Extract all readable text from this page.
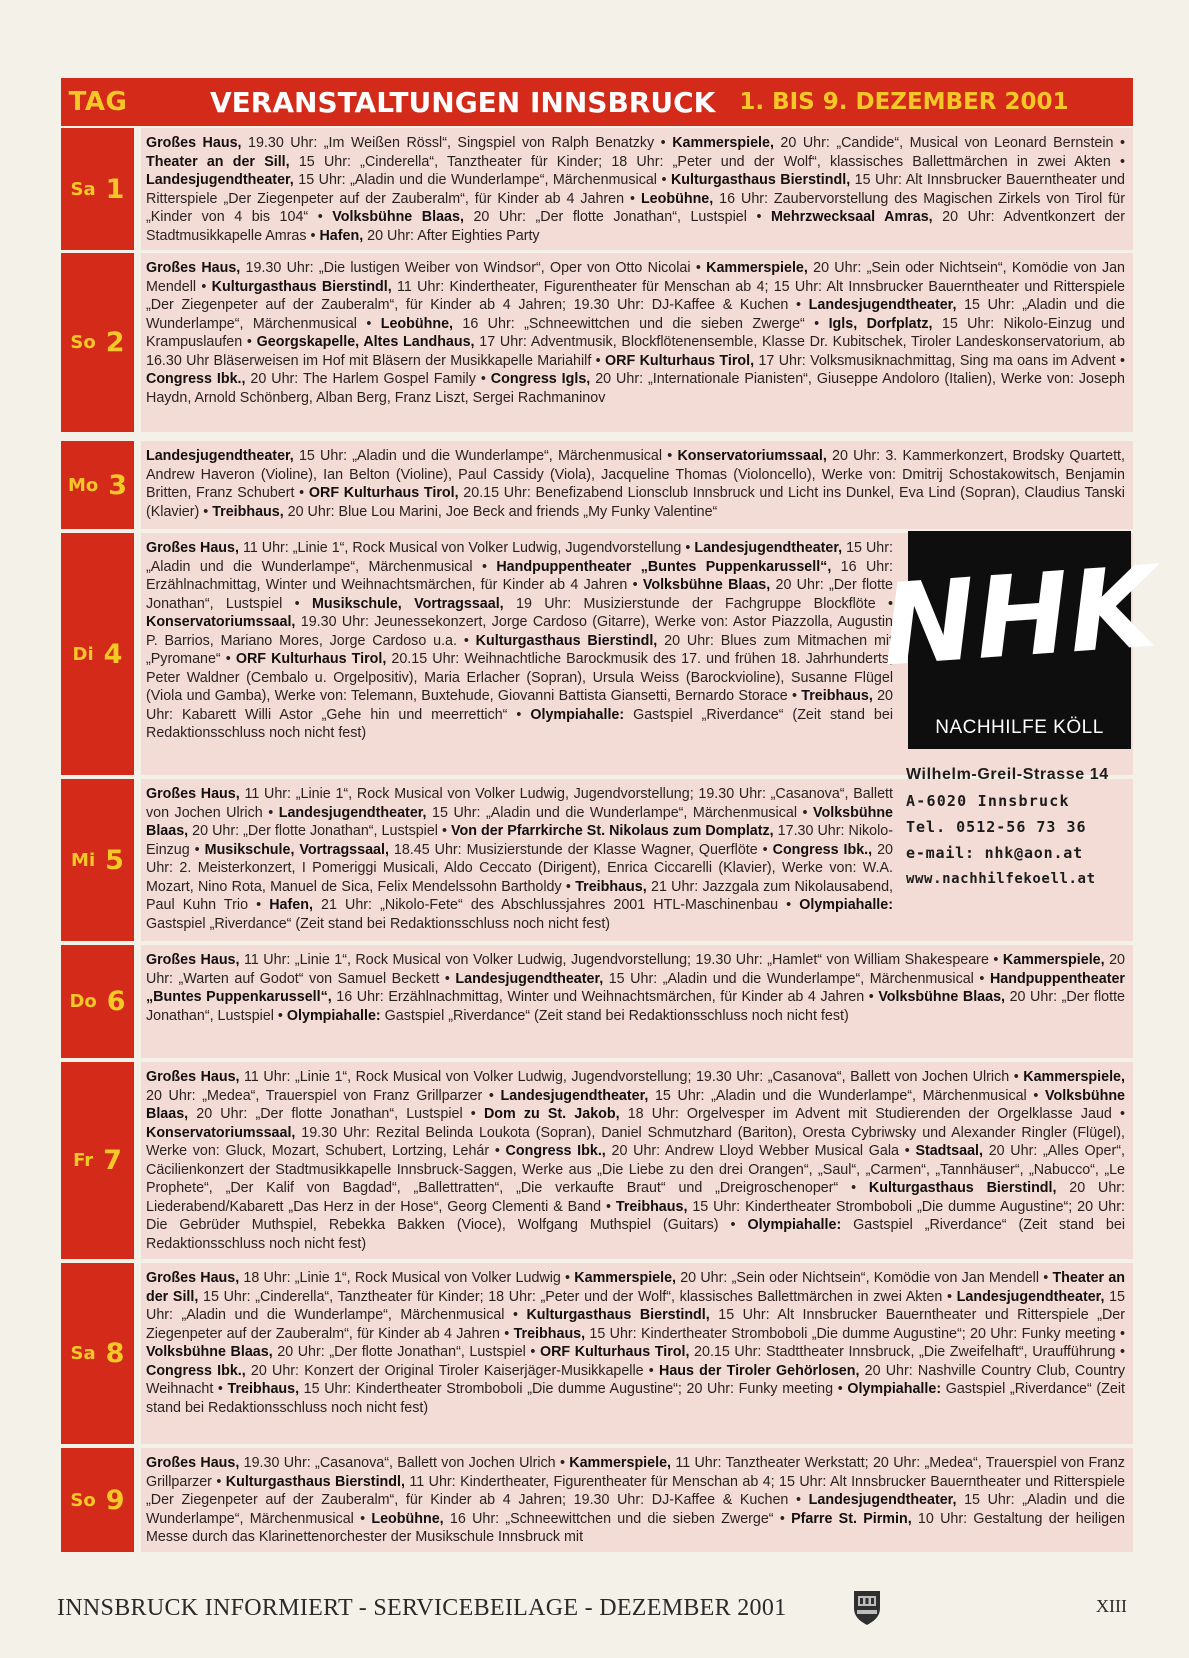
TAG	VERANSTALTUNGEN INNSBRUCK 1. BIS 9. DEZEMBER 2001
Sa 1
Großes Haus, 19.30 Uhr: „Im Weißen Rössl“, Singspiel von Ralph Benatzky • Kammerspiele, 20 Uhr: „Candide“, Musical von Leonard Bernstein • Theater an der Sill, 15 Uhr: „Cinderella“, Tanztheater für Kinder; 18 Uhr: „Peter und der Wolf“, klassisches Ballettmärchen in zwei Akten • Landesjugendtheater, 15 Uhr: „Aladin und die Wunderlampe“, Märchenmusical • Kulturgasthaus Bierstindl, 15 Uhr: Alt Innsbrucker Bauerntheater und Ritterspiele „Der Ziegenpeter auf der Zauberalm“, für Kinder ab 4 Jahren • Leobühne, 16 Uhr: Zaubervorstellung des Magischen Zirkels von Tirol für „Kinder von 4 bis 104“ • Volksbühne Blaas, 20 Uhr: „Der flotte Jonathan“, Lustspiel • Mehrzwecksaal Amras, 20 Uhr: Adventkonzert der Stadtmusikkapelle Amras • Hafen, 20 Uhr: After Eighties Party
So 2
Großes Haus, 19.30 Uhr: „Die lustigen Weiber von Windsor“, Oper von Otto Nicolai • Kammerspiele, 20 Uhr: „Sein oder Nichtsein“, Komödie von Jan Mendell • Kulturgasthaus Bierstindl, 11 Uhr: Kindertheater, Figurentheater für Menschan ab 4; 15 Uhr: Alt Innsbrucker Bauerntheater und Ritterspiele „Der Ziegenpeter auf der Zauberalm“, für Kinder ab 4 Jahren; 19.30 Uhr: DJ-Kaffee & Kuchen • Landesjugendtheater, 15 Uhr: „Aladin und die Wunderlampe“, Märchenmusical • Leobühne, 16 Uhr: „Schneewittchen und die sieben Zwerge“ • Igls, Dorfplatz, 15 Uhr: Nikolo-Einzug und Krampuslaufen • Georgskapelle, Altes Landhaus, 17 Uhr: Adventmusik, Blockflötenensemble, Klasse Dr. Kubitschek, Tiroler Landeskonservatorium, ab 16.30 Uhr Bläserweisen im Hof mit Bläsern der Musikkapelle Mariahilf • ORF Kulturhaus Tirol, 17 Uhr: Volksmusiknachmittag, Sing ma oans im Advent • Congress Ibk., 20 Uhr: The Harlem Gospel Family • Congress Igls, 20 Uhr: „Internationale Pianisten“, Giuseppe Andoloro (Italien), Werke von: Joseph Haydn, Arnold Schönberg, Alban Berg, Franz Liszt, Sergei Rachmaninov
Mo 3
Landesjugendtheater, 15 Uhr: „Aladin und die Wunderlampe“, Märchenmusical • Konservatoriumssaal, 20 Uhr: 3. Kammerkonzert, Brodsky Quartett, Andrew Haveron (Violine), Ian Belton (Violine), Paul Cassidy (Viola), Jacqueline Thomas (Violoncello), Werke von: Dmitrij Schostakowitsch, Benjamin Britten, Franz Schubert • ORF Kulturhaus Tirol, 20.15 Uhr: Benefizabend Lionsclub Innsbruck und Licht ins Dunkel, Eva Lind (Sopran), Claudius Tanski (Klavier) • Treibhaus, 20 Uhr: Blue Lou Marini, Joe Beck and friends „My Funky Valentine“
Di 4
Großes Haus, 11 Uhr: „Linie 1“, Rock Musical von Volker Ludwig, Jugendvorstellung • Landesjugendtheater, 15 Uhr: „Aladin und die Wunderlampe“, Märchenmusical • Handpuppentheater „Buntes Puppenkarussell“, 16 Uhr: Erzählnachmittag, Winter und Weihnachtsmärchen, für Kinder ab 4 Jahren • Volksbühne Blaas, 20 Uhr: „Der flotte Jonathan“, Lustspiel • Musikschule, Vortragssaal, 19 Uhr: Musizierstunde der Fachgruppe Blockflöte • Konservatoriumssaal, 19.30 Uhr: Jeunessekonzert, Jorge Cardoso (Gitarre), Werke von: Astor Piazzolla, Augustin P. Barrios, Mariano Mores, Jorge Cardoso u.a. • Kulturgasthaus Bierstindl, 20 Uhr: Blues zum Mitmachen mit „Pyromane“ • ORF Kulturhaus Tirol, 20.15 Uhr: Weihnachtliche Barockmusik des 17. und frühen 18. Jahrhunderts, Peter Waldner (Cembalo u. Orgelpositiv), Maria Erlacher (Sopran), Ursula Weiss (Barockvioline), Susanne Flügel (Viola und Gamba), Werke von: Telemann, Buxtehude, Giovanni Battista Giansetti, Bernardo Storace • Treibhaus, 20 Uhr: Kabarett Willi Astor „Gehe hin und meerrettich“ • Olympiahalle: Gastspiel „Riverdance“ (Zeit stand bei Redaktionsschluss noch nicht fest)
Mi 5
Großes Haus, 11 Uhr: „Linie 1“, Rock Musical von Volker Ludwig, Jugendvorstellung; 19.30 Uhr: „Casanova“, Ballett von Jochen Ulrich • Landesjugendtheater, 15 Uhr: „Aladin und die Wunderlampe“, Märchenmusical • Volksbühne Blaas, 20 Uhr: „Der flotte Jonathan“, Lustspiel • Von der Pfarrkirche St. Nikolaus zum Domplatz, 17.30 Uhr: Nikolo-Einzug • Musikschule, Vortragssaal, 18.45 Uhr: Musizierstunde der Klasse Wagner, Querflöte • Congress Ibk., 20 Uhr: 2. Meisterkonzert, I Pomeriggi Musicali, Aldo Ceccato (Dirigent), Enrica Ciccarelli (Klavier), Werke von: W.A. Mozart, Nino Rota, Manuel de Sica, Felix Mendelssohn Bartholdy • Treibhaus, 21 Uhr: Jazzgala zum Nikolausabend, Paul Kuhn Trio • Hafen, 21 Uhr: „Nikolo-Fete“ des Abschlussjahres 2001 HTL-Maschinenbau • Olympiahalle: Gastspiel „Riverdance“ (Zeit stand bei Redaktionsschluss noch nicht fest)
Do 6
Großes Haus, 11 Uhr: „Linie 1“, Rock Musical von Volker Ludwig, Jugendvorstellung; 19.30 Uhr: „Hamlet“ von William Shakespeare • Kammerspiele, 20 Uhr: „Warten auf Godot“ von Samuel Beckett • Landesjugendtheater, 15 Uhr: „Aladin und die Wunderlampe“, Märchenmusical • Handpuppentheater „Buntes Puppenkarussell“, 16 Uhr: Erzählnachmittag, Winter und Weihnachtsmärchen, für Kinder ab 4 Jahren • Volksbühne Blaas, 20 Uhr: „Der flotte Jonathan“, Lustspiel • Olympiahalle: Gastspiel „Riverdance“ (Zeit stand bei Redaktionsschluss noch nicht fest)
Fr 7
Großes Haus, 11 Uhr: „Linie 1“, Rock Musical von Volker Ludwig, Jugendvorstellung; 19.30 Uhr: „Casanova“, Ballett von Jochen Ulrich • Kammerspiele, 20 Uhr: „Medea“, Trauerspiel von Franz Grillparzer • Landesjugendtheater, 15 Uhr: „Aladin und die Wunderlampe“, Märchenmusical • Volksbühne Blaas, 20 Uhr: „Der flotte Jonathan“, Lustspiel • Dom zu St. Jakob, 18 Uhr: Orgelvesper im Advent mit Studierenden der Orgelklasse Jaud • Konservatoriumssaal, 19.30 Uhr: Rezital Belinda Loukota (Sopran), Daniel Schmutzhard (Bariton), Oresta Cybriwsky und Alexander Ringler (Flügel), Werke von: Gluck, Mozart, Schubert, Lortzing, Lehár • Congress Ibk., 20 Uhr: Andrew Lloyd Webber Musical Gala • Stadtsaal, 20 Uhr: „Alles Oper“, Cäcilienkonzert der Stadtmusikkapelle Innsbruck-Saggen, Werke aus „Die Liebe zu den drei Orangen“, „Saul“, „Carmen“, „Tannhäuser“, „Nabucco“, „Le Prophete“, „Der Kalif von Bagdad“, „Ballettratten“, „Die verkaufte Braut“ und „Dreigroschenoper“ • Kulturgasthaus Bierstindl, 20 Uhr: Liederabend/Kabarett „Das Herz in der Hose“, Georg Clementi & Band • Treibhaus, 15 Uhr: Kindertheater Stromboboli „Die dumme Augustine“; 20 Uhr: Die Gebrüder Muthspiel, Rebekka Bakken (Vioce), Wolfgang Muthspiel (Guitars) • Olympiahalle: Gastspiel „Riverdance“ (Zeit stand bei Redaktionsschluss noch nicht fest)
Sa 8
Großes Haus, 18 Uhr: „Linie 1“, Rock Musical von Volker Ludwig • Kammerspiele, 20 Uhr: „Sein oder Nichtsein“, Komödie von Jan Mendell • Theater an der Sill, 15 Uhr: „Cinderella“, Tanztheater für Kinder; 18 Uhr: „Peter und der Wolf“, klassisches Ballettmärchen in zwei Akten • Landesjugendtheater, 15 Uhr: „Aladin und die Wunderlampe“, Märchenmusical • Kulturgasthaus Bierstindl, 15 Uhr: Alt Innsbrucker Bauerntheater und Ritterspiele „Der Ziegenpeter auf der Zauberalm“, für Kinder ab 4 Jahren • Treibhaus, 15 Uhr: Kindertheater Stromboboli „Die dumme Augustine“; 20 Uhr: Funky meeting • Volksbühne Blaas, 20 Uhr: „Der flotte Jonathan“, Lustspiel • ORF Kulturhaus Tirol, 20.15 Uhr: Stadttheater Innsbruck, „Die Zweifelhaft“, Uraufführung • Congress Ibk., 20 Uhr: Konzert der Original Tiroler Kaiserjäger-Musikkapelle • Haus der Tiroler Gehörlosen, 20 Uhr: Nashville Country Club, Country Weihnacht • Treibhaus, 15 Uhr: Kindertheater Stromboboli „Die dumme Augustine“; 20 Uhr: Funky meeting • Olympiahalle: Gastspiel „Riverdance“ (Zeit stand bei Redaktionsschluss noch nicht fest)
So 9
Großes Haus, 19.30 Uhr: „Casanova“, Ballett von Jochen Ulrich • Kammerspiele, 11 Uhr: Tanztheater Werkstatt; 20 Uhr: „Medea“, Trauerspiel von Franz Grillparzer • Kulturgasthaus Bierstindl, 11 Uhr: Kindertheater, Figurentheater für Menschan ab 4; 15 Uhr: Alt Innsbrucker Bauerntheater und Ritterspiele „Der Ziegenpeter auf der Zauberalm“, für Kinder ab 4 Jahren; 19.30 Uhr: DJ-Kaffee & Kuchen • Landesjugendtheater, 15 Uhr: „Aladin und die Wunderlampe“, Märchenmusical • Leobühne, 16 Uhr: „Schneewittchen und die sieben Zwerge“ • Pfarre St. Pirmin, 10 Uhr: Gestaltung der heiligen Messe durch das Klarinettenorchester der Musikschule Innsbruck mit
NHK
NACHHILFE KÖLL
Wilhelm-Greil-Strasse 14
A-6020 Innsbruck
Tel. 0512-56 73 36
e-mail: nhk@aon.at
www.nachhilfekoell.at
INNSBRUCK INFORMIERT - SERVICEBEILAGE - DEZEMBER 2001	XIII
